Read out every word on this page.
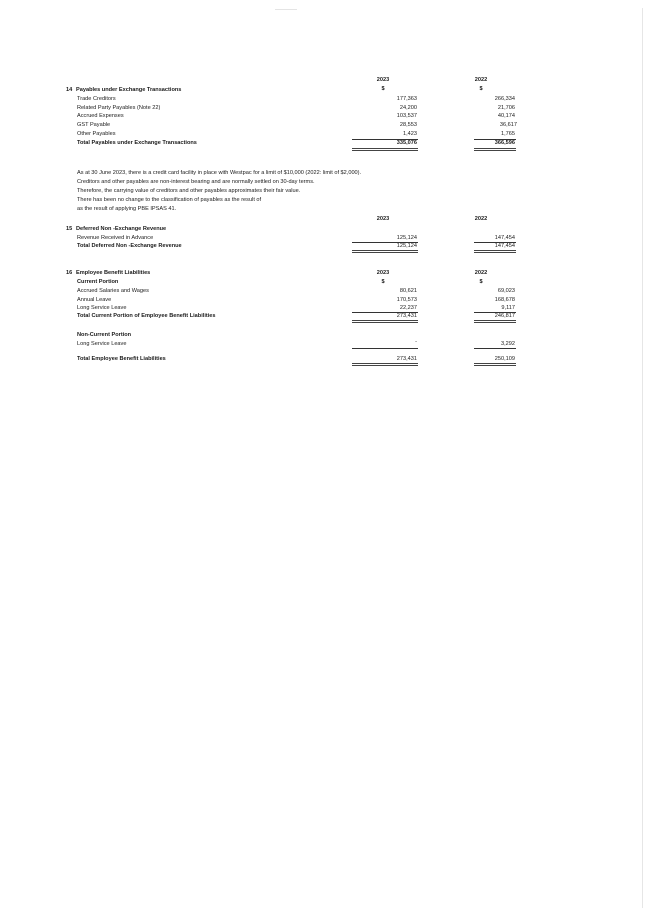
2023	2022
$	$
14 Payables under Exchange Transactions
Trade Creditors	177,363	266,334
Related Party Payables (Note 22)	24,200	21,706
Accrued Expenses	103,537	40,174
GST Payable	28,553	36,617
Other Payables	1,423	1,765
Total Payables under Exchange Transactions	335,076	366,596
As at 30 June 2023, there is a credit card facility in place with Westpac for a limit of $10,000 (2022: limit of $2,000).
Creditors and other payables are non-interest bearing and are normally settled on 30-day terms.
Therefore, the carrying value of creditors and other payables approximates their fair value.
There has been no change to the classification of payables as the result of
as the result of applying PBE IPSAS 41.
2023	2022
15 Deferred Non -Exchange Revenue
Revenue Received in Advance	125,124	147,454
Total Deferred Non -Exchange Revenue	125,124	147,454
2023	2022
$	$
16 Employee Benefit Liabilities
Current Portion
Accrued Salaries and Wages	80,621	69,023
Annual Leave	170,573	168,678
Long Service Leave	22,237	9,117
Total Current Portion of Employee Benefit Liabilities	273,431	246,817
Non-Current Portion
Long Service Leave	-	3,292
Total Employee Benefit Liabilities	273,431	250,109
